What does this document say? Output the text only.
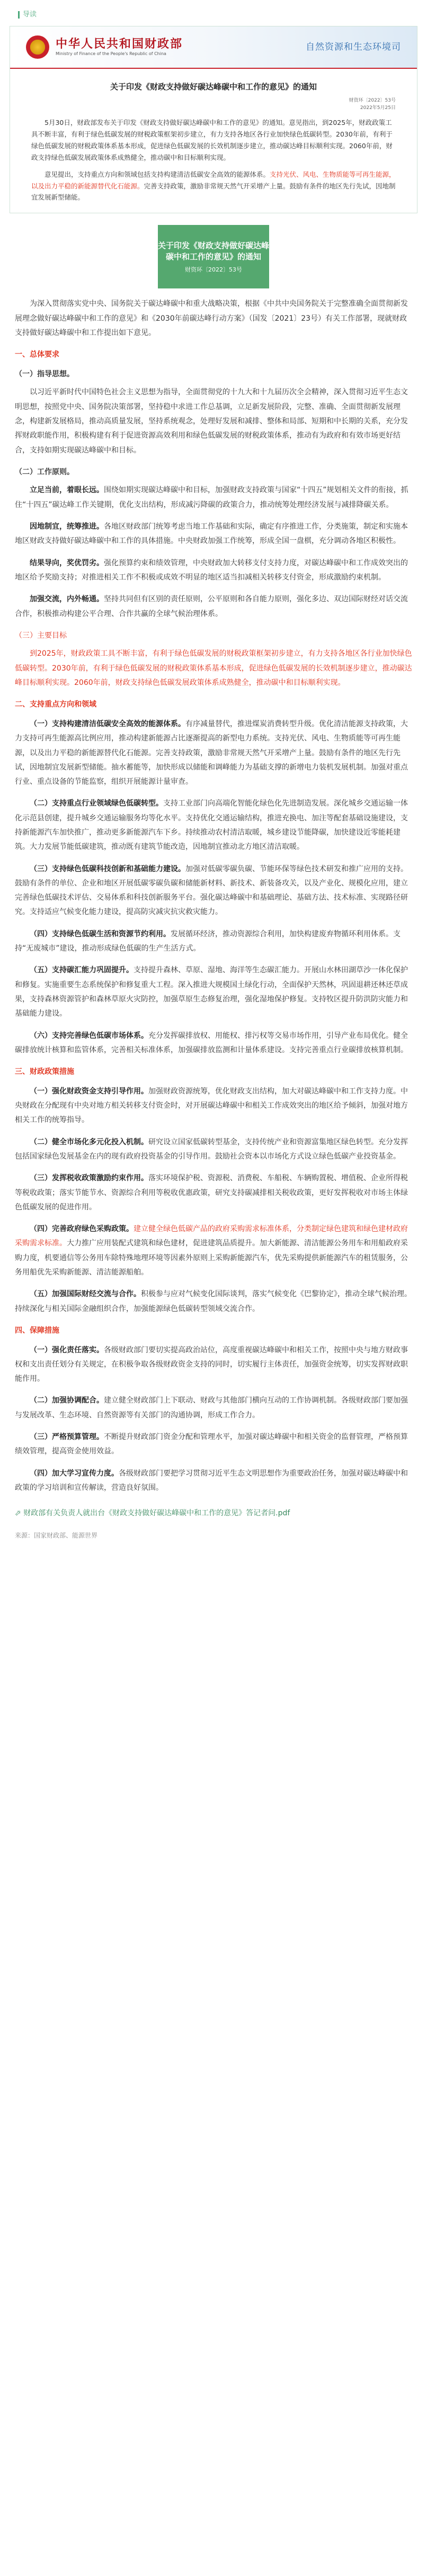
导读
中华人民共和国财政部
Ministry of Finance of the People's Republic of China
自然资源和生态环境司
关于印发《财政支持做好碳达峰碳中和工作的意见》的通知
财资环〔2022〕53号
2022年5月25日
5月30日，财政部发布关于印发《财政支持做好碳达峰碳中和工作的意见》的通知。意见指出，到2025年，财政政策工具不断丰富，有利于绿色低碳发展的财税政策框架初步建立，有力支持各地区各行业加快绿色低碳转型。2030年前，有利于绿色低碳发展的财税政策体系基本形成，促进绿色低碳发展的长效机制逐步建立，推动碳达峰目标顺利实现。2060年前，财政支持绿色低碳发展政策体系成熟健全，推动碳中和目标顺利实现。
意见提出，支持重点方向和领域包括支持构建清洁低碳安全高效的能源体系。支持光伏、风电、生物质能等可再生能源，以及出力平稳的新能源替代化石能源。完善支持政策，激励非常规天然气开采增产上量。鼓励有条件的地区先行先试，因地制宜发展新型储能。
关于印发《财政支持做好碳达峰碳中和工作的意见》的通知
财资环〔2022〕53号

为深入贯彻落实党中央、国务院关于碳达峰碳中和重大战略决策，根据《中共中央国务院关于完整准确全面贯彻新发展理念做好碳达峰碳中和工作的意见》和《2030年前碳达峰行动方案》（国发〔2021〕23号）有关工作部署，现就财政支持做好碳达峰碳中和工作提出如下意见。

一、总体要求
（一）指导思想。

以习近平新时代中国特色社会主义思想为指导，全面贯彻党的十九大和十九届历次全会精神，深入贯彻习近平生态文明思想，按照党中央、国务院决策部署，坚持稳中求进工作总基调，立足新发展阶段，完整、准确、全面贯彻新发展理念，构建新发展格局，推动高质量发展，坚持系统观念，处理好发展和减排、整体和局部、短期和中长期的关系，充分发挥财政职能作用，积极构建有利于促进资源高效利用和绿色低碳发展的财税政策体系，推动有为政府和有效市场更好结合，支持如期实现碳达峰碳中和目标。

（二）工作原则。

立足当前，着眼长远。围绕如期实现碳达峰碳中和目标，加强财政支持政策与国家“十四五”规划相关文件的衔接，抓住“十四五”碳达峰工作关键期，优化支出结构，形成减污降碳的政策合力，推动统筹处理经济发展与减排降碳关系。

因地制宜，统筹推进。各地区财政部门统筹考虑当地工作基础和实际，确定有序推进工作，分类施策，制定和实施本地区财政支持做好碳达峰碳中和工作的具体措施。中央财政加强工作统筹，形成全国一盘棋，充分调动各地区积极性。

结果导向，奖优罚劣。强化预算约束和绩效管理，中央财政加大转移支付支持力度，对碳达峰碳中和工作成效突出的地区给予奖励支持；对推进相关工作不积极或成效不明显的地区适当扣减相关转移支付资金，形成激励约束机制。

加强交流，内外畅通。坚持共同但有区别的责任原则，公平原则和各自能力原则，强化多边、双边国际财经对话交流合作，积极推动构建公平合理、合作共赢的全球气候治理体系。

（三）主要目标

到2025年，财政政策工具不断丰富，有利于绿色低碳发展的财税政策框架初步建立，有力支持各地区各行业加快绿色低碳转型。2030年前，有利于绿色低碳发展的财税政策体系基本形成，促进绿色低碳发展的长效机制逐步建立，推动碳达峰目标顺利实现。2060年前，财政支持绿色低碳发展政策体系成熟健全，推动碳中和目标顺利实现。

二、支持重点方向和领域

（一）支持构建清洁低碳安全高效的能源体系。有序减量替代，推进煤炭消费转型升级。优化清洁能源支持政策，大力支持可再生能源高比例应用，推动构建新能源占比逐渐提高的新型电力系统。支持光伏、风电、生物质能等可再生能源，以及出力平稳的新能源替代化石能源。完善支持政策，激励非常规天然气开采增产上量。鼓励有条件的地区先行先试，因地制宜发展新型储能。抽水蓄能等，加快形成以储能和调峰能力为基础支撑的新增电力装机发展机制。加强对重点行业、重点设备的节能监察，组织开展能源计量审查。

（二）支持重点行业领域绿色低碳转型。支持工业部门向高端化智能化绿色化先进制造发展。深化城乡交通运输一体化示范县创建，提升城乡交通运输服务均等化水平。支持优化交通运输结构，推进充换电、加注等配套基础设施建设，支持新能源汽车加快推广，推动更多新能源汽车下乡。持续推动农村清洁取暖，城乡建设节能降碳，加快建设近零能耗建筑。大力发展节能低碳建筑，推动既有建筑节能改造，因地制宜推动北方地区清洁取暖。

（三）支持绿色低碳科技创新和基础能力建设。加强对低碳零碳负碳、节能环保等绿色技术研发和推广应用的支持。鼓励有条件的单位、企业和地区开展低碳零碳负碳和储能新材料、新技术、新装备攻关，以及产业化、规模化应用，建立完善绿色低碳技术评估、交易体系和科技创新服务平台。强化碳达峰碳中和基础理论、基础方法、技术标准、实现路径研究。支持适应气候变化能力建设，提高防灾减灾抗灾救灾能力。

（四）支持绿色低碳生活和资源节约利用。发展循环经济，推动资源综合利用，加快构建废弃物循环利用体系。支持“无废城市”建设，推动形成绿色低碳的生产生活方式。

（五）支持碳汇能力巩固提升。支持提升森林、草原、湿地、海洋等生态碳汇能力。开展山水林田湖草沙一体化保护和修复。实施重要生态系统保护和修复重大工程。深入推进大规模国土绿化行动，全面保护天然林，巩固退耕还林还草成果，支持森林资源管护和森林草原火灾防控，加强草原生态修复治理，强化湿地保护修复。支持牧区提升防洪防灾能力和基础能力建设。

（六）支持完善绿色低碳市场体系。充分发挥碳排放权、用能权、排污权等交易市场作用，引导产业布局优化。健全碳排放统计核算和监管体系，完善相关标准体系，加强碳排放监测和计量体系建设。支持完善重点行业碳排放核算机制。

三、财政政策措施

（一）强化财政资金支持引导作用。加强财政资源统筹，优化财政支出结构，加大对碳达峰碳中和工作支持力度。中央财政在分配现有中央对地方相关转移支付资金时，对开展碳达峰碳中和相关工作成效突出的地区给予倾斜，加强对地方相关工作的统筹指导。

（二）健全市场化多元化投入机制。研究设立国家低碳转型基金，支持传统产业和资源富集地区绿色转型。充分发挥包括国家绿色发展基金在内的现有政府投资基金的引导作用。鼓励社会资本以市场化方式设立绿色低碳产业投资基金。

（三）发挥税收政策激励约束作用。落实环境保护税、资源税、消费税、车船税、车辆购置税、增值税、企业所得税等税收政策；落实节能节水、资源综合利用等税收优惠政策，研究支持碳减排相关税收政策，更好发挥税收对市场主体绿色低碳发展的促进作用。

（四）完善政府绿色采购政策。建立健全绿色低碳产品的政府采购需求标准体系，分类制定绿色建筑和绿色建材政府采购需求标准。大力推广应用装配式建筑和绿色建材，促进建筑品质提升。加大新能源、清洁能源公务用车和用船政府采购力度，机要通信等公务用车除特殊地理环境等因素外原则上采购新能源汽车，优先采购提供新能源汽车的租赁服务，公务用船优先采购新能源、清洁能源船舶。

（五）加强国际财经交流与合作。积极参与应对气候变化国际谈判，落实气候变化《巴黎协定》，推动全球气候治理。持续深化与相关国际金融组织合作，加强能源绿色低碳转型领域交流合作。

四、保障措施

（一）强化责任落实。各级财政部门要切实提高政治站位，高度重视碳达峰碳中和相关工作，按照中央与地方财政事权和支出责任划分有关规定，在积极争取各级财政资金支持的同时，切实履行主体责任，加强资金统筹，切实发挥财政职能作用。

（二）加强协调配合。建立健全财政部门上下联动、财政与其他部门横向互动的工作协调机制。各级财政部门要加强与发展改革、生态环境、自然资源等有关部门的沟通协调，形成工作合力。

（三）严格预算管理。不断提升财政部门资金分配和管理水平，加强对碳达峰碳中和相关资金的监督管理，严格预算绩效管理，提高资金使用效益。

（四）加大学习宣传力度。各级财政部门要把学习贯彻习近平生态文明思想作为重要政治任务，加强对碳达峰碳中和政策的学习培训和宣传解读，营造良好氛围。

⬀ 财政部有关负责人就出台《财政支持做好碳达峰碳中和工作的意见》答记者问.pdf
来源：国家财政部、能源世界
